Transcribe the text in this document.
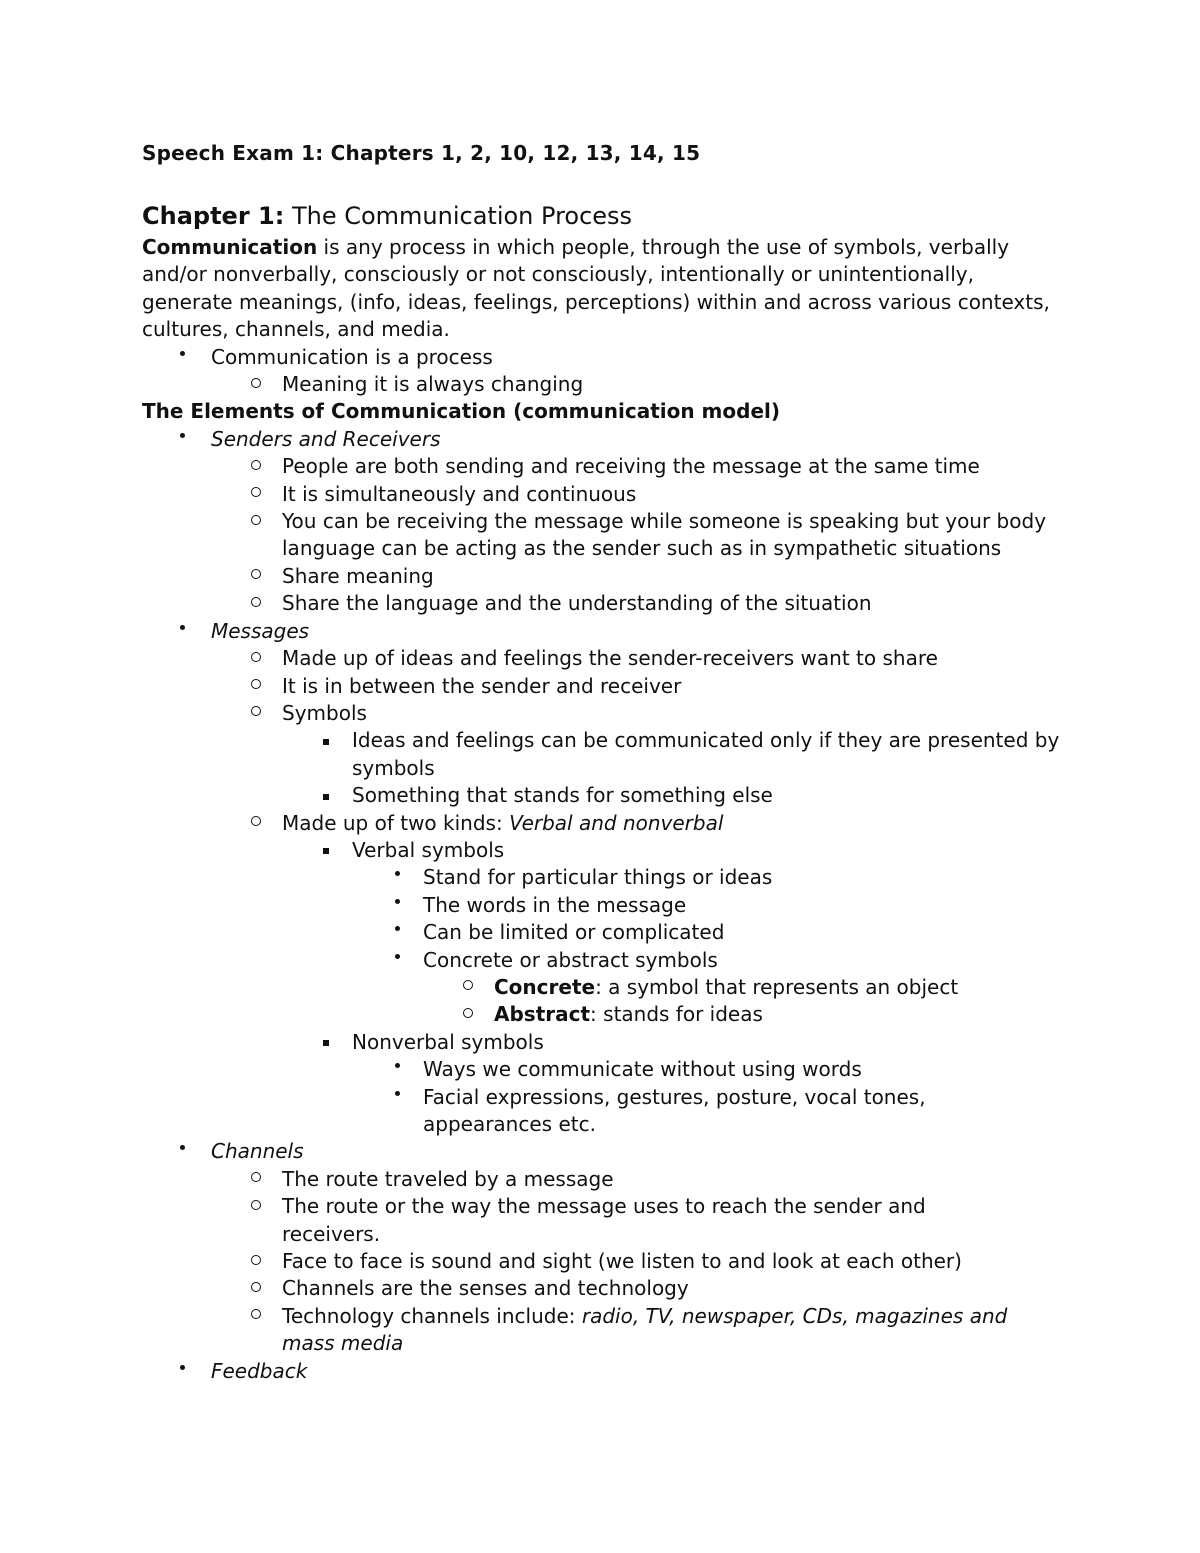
Speech Exam 1: Chapters 1, 2, 10, 12, 13, 14, 15
Chapter 1: The Communication Process

Communication is any process in which people, through the use of symbols, verbally and/or nonverbally, consciously or not consciously, intentionally or unintentionally, generate meanings, (info, ideas, feelings, perceptions) within and across various contexts, cultures, channels, and media.

Communication is a process
Meaning it is always changing
The Elements of Communication (communication model)
Senders and Receivers
People are both sending and receiving the message at the same time
It is simultaneously and continuous
You can be receiving the message while someone is speaking but your body language can be acting as the sender such as in sympathetic situations
Share meaning
Share the language and the understanding of the situation
Messages
Made up of ideas and feelings the sender-receivers want to share
It is in between the sender and receiver
Symbols
Ideas and feelings can be communicated only if they are presented by symbols
Something that stands for something else
Made up of two kinds: Verbal and nonverbal
Verbal symbols
Stand for particular things or ideas
The words in the message
Can be limited or complicated
Concrete or abstract symbols
Concrete: a symbol that represents an object
Abstract: stands for ideas
Nonverbal symbols
Ways we communicate without using words
Facial expressions, gestures, posture, vocal tones, appearances etc.
Channels
The route traveled by a message
The route or the way the message uses to reach the sender and receivers.
Face to face is sound and sight (we listen to and look at each other)
Channels are the senses and technology
Technology channels include: radio, TV, newspaper, CDs, magazines and mass media
Feedback
